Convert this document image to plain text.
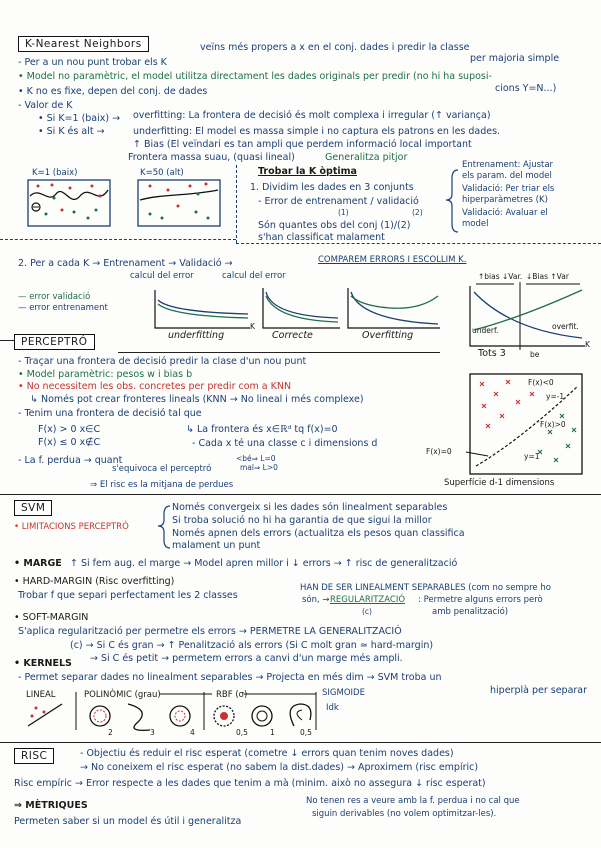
K-Nearest Neighbors	veïns més propers a x en el conj. dades i predir la classe
per majoria simple
- Per a un nou punt trobar els K
• Model no paramètric, el model utilitza directament les dades originals per predir (no hi ha suposi-
cions Y=N...)
• K no es fixe, depen del conj. de dades
- Valor de K
• Si K=1 (baix) → overfitting: La frontera de decisió és molt complexa i irregular (↑ variança)
• Si K és alt →	underfitting: El model es massa simple i no captura els patrons en les dades.
↑ Bias (El veïndari es tan ampli que perdem informació local important
Frontera massa suau, (quasi lineal)	Generalitza pitjor
K=1 (baix)	K=50 (alt)	Trobar la K òptima
1. Dividim les dades en 3 conjunts
- Error de entrenament / validació
(1)	(2)
Són quantes obs del conj (1)/(2)
s'han classificat malament
Entrenament: Ajustar
els param. del model
Validació: Per triar els
hiperparàmetres (K)
Validació: Avaluar el
model
2. Per a cada K → Entrenament → Validació →	COMPAREM ERRORS I ESCOLLIM K.
calcul del error	calcul del error
— error validació
— error entrenament
underfitting
K
Correcte	Overfitting
↑bias ↓Var. ↓Bias ↑Var
underf.	overfit.
K
Tots 3	be
PERCEPTRÓ
- Traçar una frontera de decisió predir la clase d'un nou punt
• Model paramètric: pesos w i bias b
• No necessitem les obs. concretes per predir com a KNN
↳ Només pot crear fronteres lineals (KNN → No lineal i més complexe)
- Tenim una frontera de decisió tal que
F(x) > 0 x∈C
F(x) ≤ 0 x∉C
↳ La frontera és x∈ℝᵈ tq f(x)=0
- Cada x té una classe c i dimensions d
- La f. perdua → quant
s'equivoca el perceptró
<bé⇒ L=0
mal⇒ L>0
⇒ El risc es la mitjana de perdues
F(x)<0
y=-1
F(x)>0
y=1
F(x)=0
Superfície d-1 dimensions
SVM
• LIMITACIONS PERCEPTRÓ
Només convergeix si les dades són linealment separables
Si troba solució no hi ha garantia de que sigui la millor
Només apnen dels errors (actualitza els pesos quan classifica
malament un punt
• MARGE ↑ Si fem aug. el marge → Model apren millor i ↓ errors → ↑ risc de generalització
• HARD-MARGIN (Risc overfitting)
Trobar f que separi perfectament les 2 classes
HAN DE SER LINEALMENT SEPARABLES (com no sempre ho
són, → REGULARITZACIÓ : Permetre alguns errors però
(c)	amb penalització)
• SOFT-MARGIN
S'aplica regularització per permetre els errors → PERMETRE LA GENERALITZACIÓ
(c) → Si C és gran → ↑ Penalització als errors (Si C molt gran ≃ hard-margin)
→ Si C és petit → permetem errors a canvi d'un marge més ampli.
• KERNELS
- Permet separar dades no linealment separables → Projecta en més dim → SVM troba un
hiperplà per separar
LINEAL	POLINÒMIC (grau)	RBF (σ)	SIGMOIDE
Idk
2	3	4	0,5	1	0,5
RISC	- Objectiu és reduir el risc esperat (cometre ↓ errors quan tenim noves dades)
→ No coneixem el risc esperat (no sabem la dist.dades) → Aproximem (risc empíric)
Risc empíric → Error respecte a les dades que tenim a mà (minim. això no assegura ↓ risc esperat)
⇒ MÈTRIQUES	No tenen res a veure amb la f. perdua i no cal que
Permeten saber si un model és útil i generalitza
siguin derivables (no volem optimitzar-les).
